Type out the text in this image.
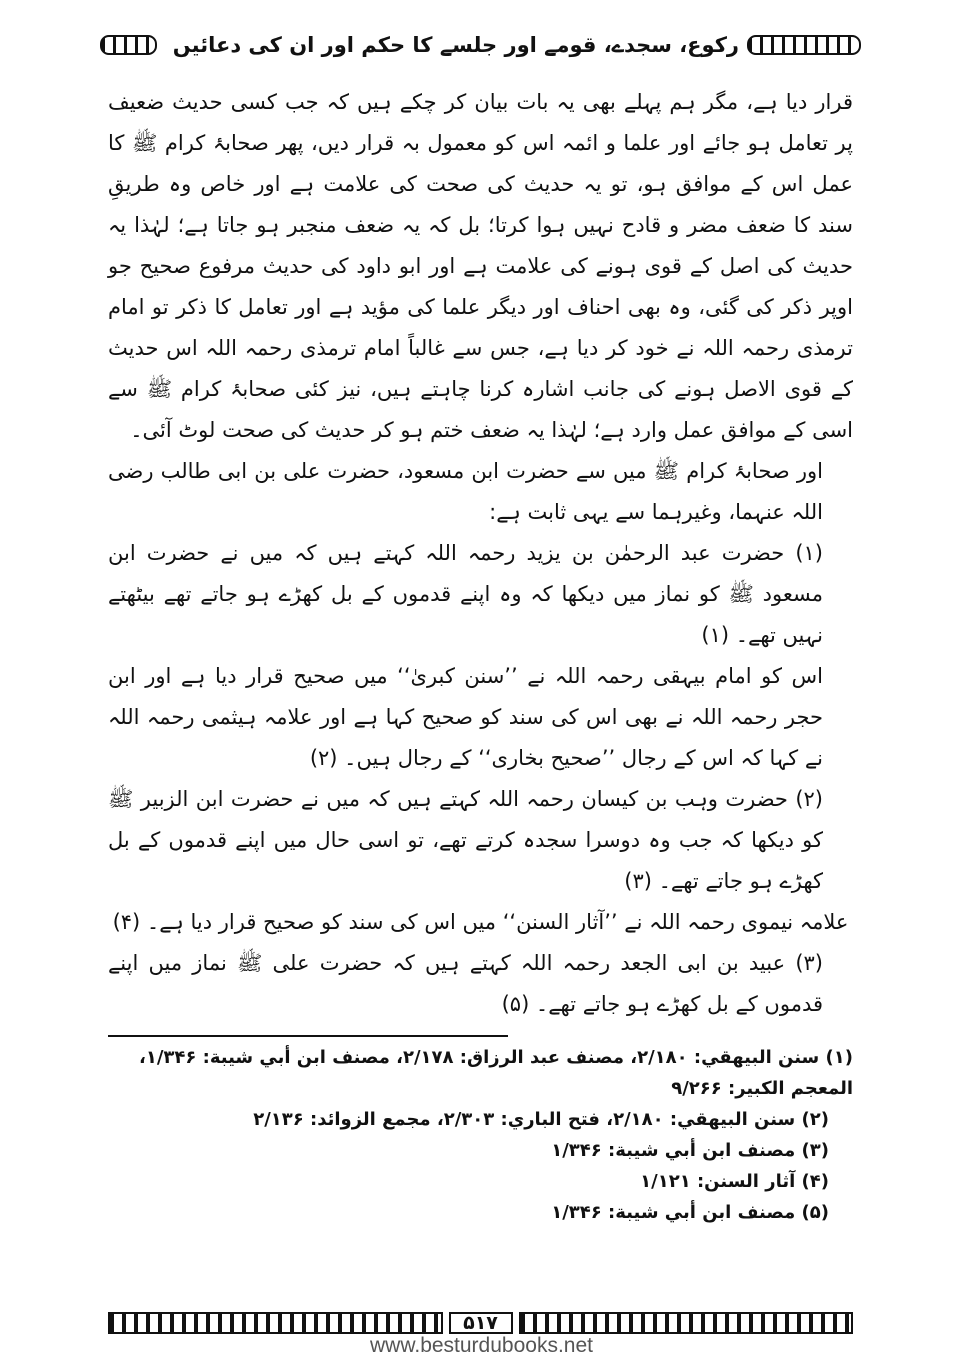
رکوع، سجدے، قومے اور جلسے کا حکم اور ان کی دعائیں

قرار دیا ہے، مگر ہم پہلے بھی یہ بات بیان کر چکے ہیں کہ جب کسی حدیث ضعیف پر تعامل ہو جائے اور علما و ائمہ اس کو معمول بہ قرار دیں، پھر صحابۂ کرام ﷺ کا عمل اس کے موافق ہو، تو یہ حدیث کی صحت کی علامت ہے اور خاص وہ طریقِ سند کا ضعف مضر و قادح نہیں ہوا کرتا؛ بل کہ یہ ضعف منجبر ہو جاتا ہے؛ لہٰذا یہ حدیث کی اصل کے قوی ہونے کی علامت ہے اور ابو داود کی حدیث مرفوع صحیح جو اوپر ذکر کی گئی، وہ بھی احناف اور دیگر علما کی مؤید ہے اور تعامل کا ذکر تو امام ترمذی رحمہ اللہ نے خود کر دیا ہے، جس سے غالباً امام ترمذی رحمہ اللہ اس حدیث کے قوی الاصل ہونے کی جانب اشارہ کرنا چاہتے ہیں، نیز کئی صحابۂ کرام ﷺ سے اسی کے موافق عمل وارد ہے؛ لہٰذا یہ ضعف ختم ہو کر حدیث کی صحت لوٹ آئی۔

اور صحابۂ کرام ﷺ میں سے حضرت ابن مسعود، حضرت علی بن ابی طالب رضی اللہ عنہما، وغیرہما سے یہی ثابت ہے:

(۱) حضرت عبد الرحمٰن بن یزید رحمہ اللہ کہتے ہیں کہ میں نے حضرت ابن مسعود ﷺ کو نماز میں دیکھا کہ وہ اپنے قدموں کے بل کھڑے ہو جاتے تھے بیٹھتے نہیں تھے۔ (۱)

اس کو امام بیہقی رحمہ اللہ نے ’’سنن کبریٰ‘‘ میں صحیح قرار دیا ہے اور ابن حجر رحمہ اللہ نے بھی اس کی سند کو صحیح کہا ہے اور علامہ ہیثمی رحمہ اللہ نے کہا کہ اس کے رجال ’’صحیح بخاری‘‘ کے رجال ہیں۔ (۲)

(۲) حضرت وہب بن کیسان رحمہ اللہ کہتے ہیں کہ میں نے حضرت ابن الزبیر ﷺ کو دیکھا کہ جب وہ دوسرا سجدہ کرتے تھے، تو اسی حال میں اپنے قدموں کے بل کھڑے ہو جاتے تھے۔ (۳)

علامہ نیموی رحمہ اللہ نے ’’آثار السنن‘‘ میں اس کی سند کو صحیح قرار دیا ہے۔ (۴)

(۳) عبید بن ابی الجعد رحمہ اللہ کہتے ہیں کہ حضرت علی ﷺ نماز میں اپنے قدموں کے بل کھڑے ہو جاتے تھے۔ (۵)

(۱) سنن البيهقي: ۲/۱۸۰، مصنف عبد الرزاق: ۲/۱۷۸، مصنف ابن أبي شيبة: ۱/۳۴۶، المعجم الكبير: ۹/۲۶۶

(۲) سنن البيهقي: ۲/۱۸۰، فتح الباري: ۲/۳۰۳، مجمع الزوائد: ۲/۱۳۶

(۳) مصنف ابن أبي شيبة: ۱/۳۴۶

(۴) آثار السنن: ۱/۱۲۱

(۵) مصنف ابن أبي شيبة: ۱/۳۴۶

۵۱۷
www.besturdubooks.net
